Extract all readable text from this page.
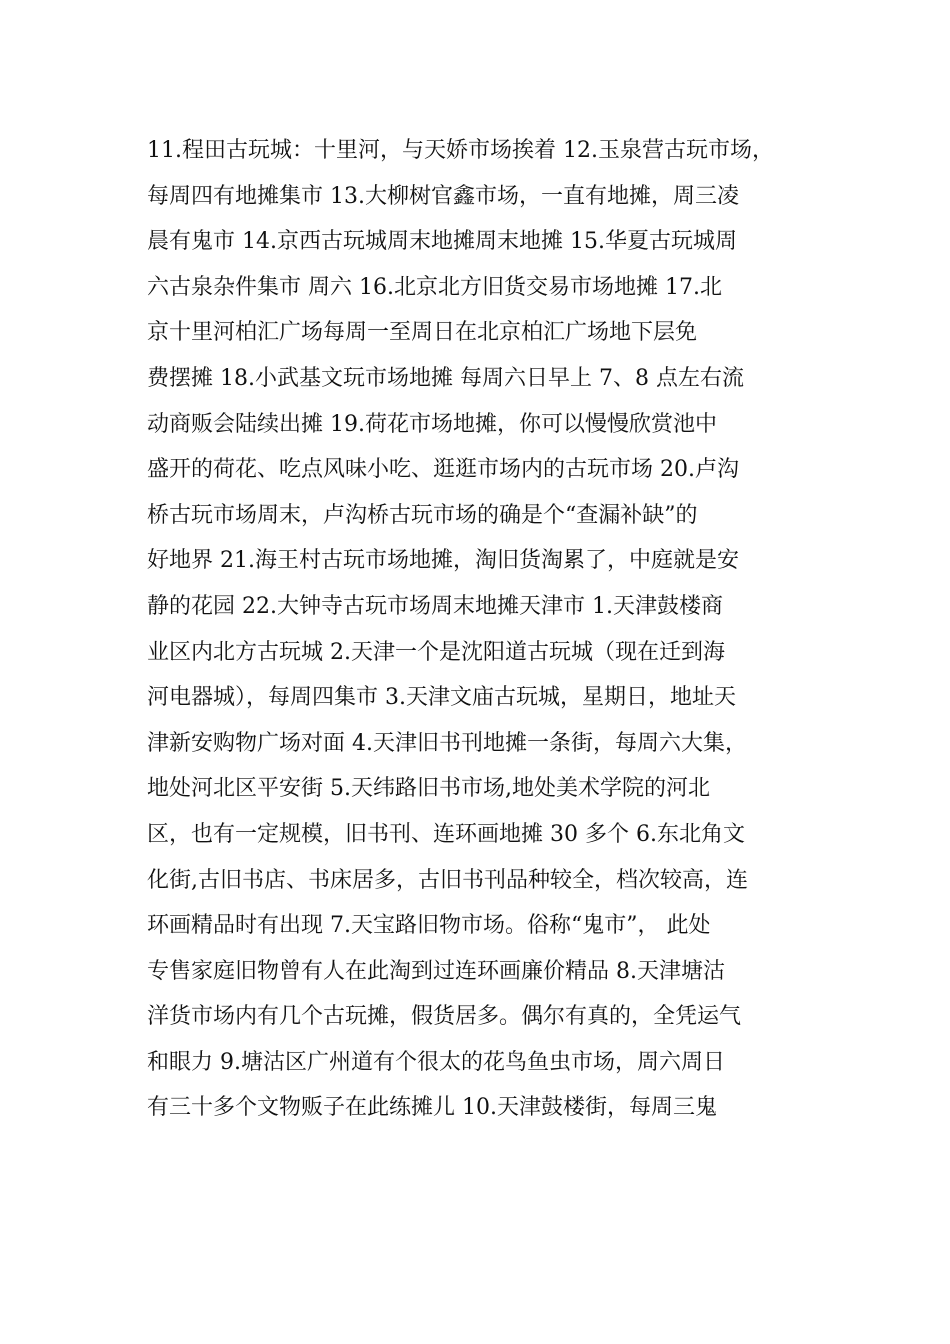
11.程田古玩城：十里河，与天娇市场挨着 12.玉泉营古玩市场，
每周四有地摊集市 13.大柳树官鑫市场，一直有地摊，周三凌
晨有鬼市 14.京西古玩城周末地摊周末地摊 15.华夏古玩城周
六古泉杂件集市 周六 16.北京北方旧货交易市场地摊 17.北
京十里河柏汇广场每周一至周日在北京柏汇广场地下层免
费摆摊 18.小武基文玩市场地摊 每周六日早上 7、8 点左右流
动商贩会陆续出摊 19.荷花市场地摊，你可以慢慢欣赏池中
盛开的荷花、吃点风味小吃、逛逛市场内的古玩市场 20.卢沟
桥古玩市场周末，卢沟桥古玩市场的确是个“查漏补缺”的
好地界 21.海王村古玩市场地摊，淘旧货淘累了，中庭就是安
静的花园 22.大钟寺古玩市场周末地摊天津市 1.天津鼓楼商
业区内北方古玩城 2.天津一个是沈阳道古玩城（现在迁到海
河电器城），每周四集市 3.天津文庙古玩城，星期日，地址天
津新安购物广场对面 4.天津旧书刊地摊一条街，每周六大集，
地处河北区平安街 5.天纬路旧书市场,地处美术学院的河北
区，也有一定规模，旧书刊、连环画地摊 30 多个 6.东北角文
化街,古旧书店、书床居多，古旧书刊品种较全，档次较高，连
环画精品时有出现 7.天宝路旧物市场。俗称“鬼市”， 此处
专售家庭旧物曾有人在此淘到过连环画廉价精品 8.天津塘沽
洋货市场内有几个古玩摊，假货居多。偶尔有真的，全凭运气
和眼力 9.塘沽区广州道有个很太的花鸟鱼虫市场，周六周日
有三十多个文物贩子在此练摊儿 10.天津鼓楼街，每周三鬼
